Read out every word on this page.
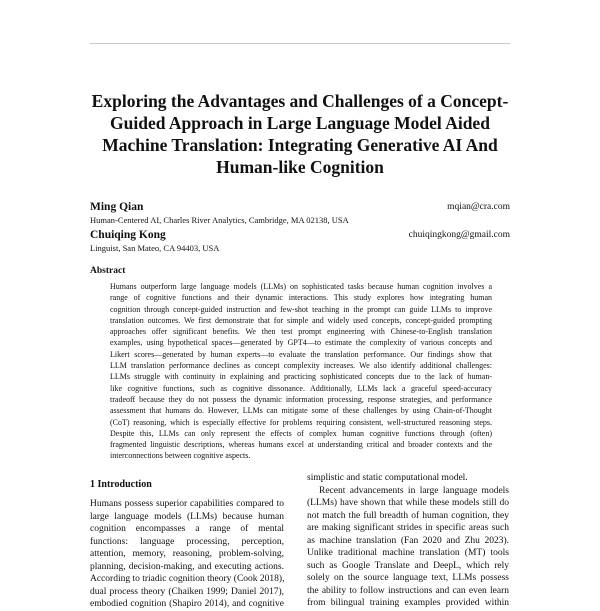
Exploring the Advantages and Challenges of a Concept-
Guided Approach in Large Language Model Aided
Machine Translation: Integrating Generative AI And
Human-like Cognition
Ming Qian	mqian@cra.com
Human-Centered AI, Charles River Analytics, Cambridge, MA 02138, USA
Chuiqing Kong	chuiqingkong@gmail.com
Linguist, San Mateo, CA 94403, USA
Abstract

Humans outperform large language models (LLMs) on sophisticated tasks because human cognition involves a
range of cognitive functions and their dynamic interactions. This study explores how integrating human
cognition through concept-guided instruction and few-shot teaching in the prompt can guide LLMs to improve
translation outcomes. We first demonstrate that for simple and widely used concepts, concept-guided prompting
approaches offer significant benefits. We then test prompt engineering with Chinese-to-English translation
examples, using hypothetical spaces—generated by GPT4—to estimate the complexity of various concepts and
Likert scores—generated by human experts—to evaluate the translation performance. Our findings show that
LLM translation performance declines as concept complexity increases. We also identify additional challenges:
LLMs struggle with continuity in explaining and practicing sophisticated concepts due to the lack of human-
like cognitive functions, such as cognitive dissonance. Additionally, LLMs lack a graceful speed-accuracy
tradeoff because they do not possess the dynamic information processing, response strategies, and performance
assessment that humans do. However, LLMs can mitigate some of these challenges by using Chain-of-Thought
(CoT) reasoning, which is especially effective for problems requiring consistent, well-structured reasoning steps.
Despite this, LLMs can only represent the effects of complex human cognitive functions through (often)
fragmented linguistic descriptions, whereas humans excel at understanding critical and broader contexts and the
interconnections between cognitive aspects.

1 Introduction

Humans possess superior capabilities compared to
large language models (LLMs) because human
cognition encompasses a range of mental
functions: language processing, perception,
attention, memory, reasoning, problem-solving,
planning, decision-making, and executing actions.
According to triadic cognition theory (Cook 2018),
dual process theory (Chaiken 1999; Daniel 2017),
embodied cognition (Shapiro 2014), and cognitive

simplistic and static computational model.
Recent advancements in large language models
(LLMs) have shown that while these models still do
not match the full breadth of human cognition, they
are making significant strides in specific areas such
as machine translation (Fan 2020 and Zhu 2023).
Unlike traditional machine translation (MT) tools
such as Google Translate and DeepL, which rely
solely on the source language text, LLMs possess
the ability to follow instructions and can even learn
from bilingual training examples provided within
